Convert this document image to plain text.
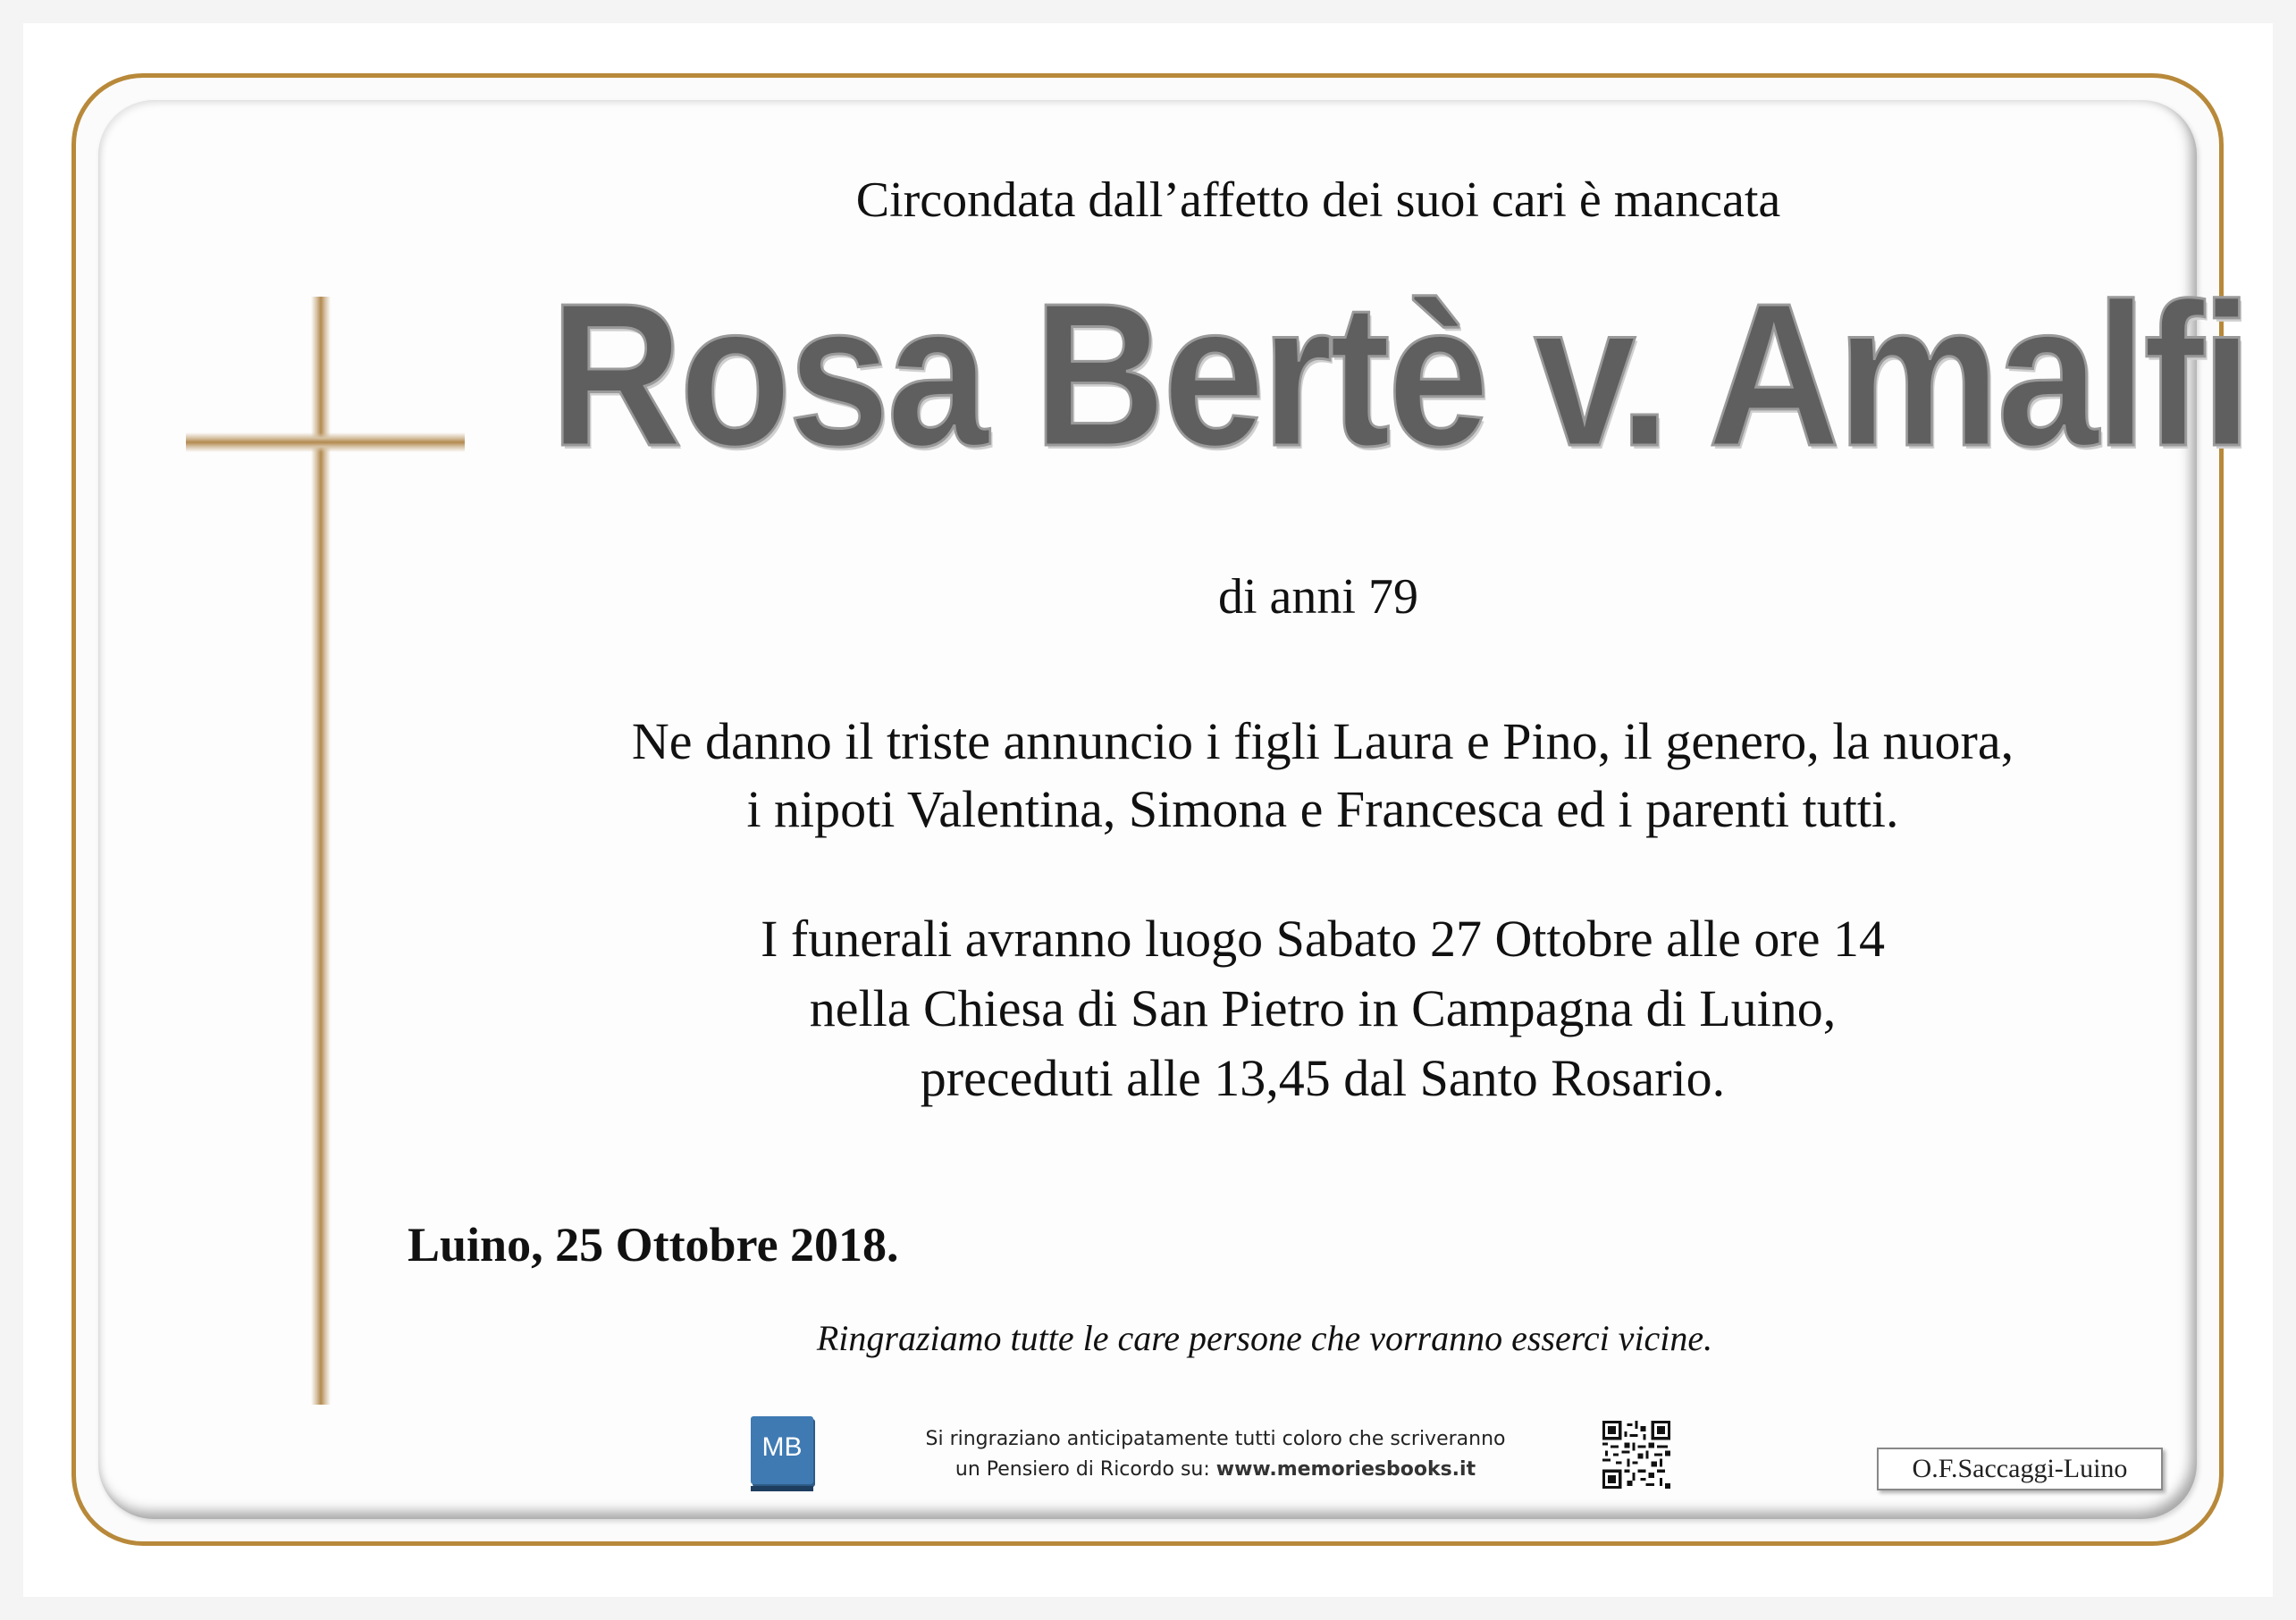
Circondata dall’affetto dei suoi cari è mancata
Rosa Bertè v. Amalfi
di anni 79
Ne danno il triste annuncio i figli Laura e Pino, il genero, la nuora,
i nipoti Valentina, Simona e Francesca ed i parenti tutti.
I funerali avranno luogo Sabato 27 Ottobre alle ore 14
nella Chiesa di San Pietro in Campagna di Luino,
preceduti alle 13,45 dal Santo Rosario.
Luino, 25 Ottobre 2018.
Ringraziamo tutte le care persone che vorranno esserci vicine.
MB	Si ringraziano anticipatamente tutti coloro che scriveranno
un Pensiero di Ricordo su: www.memoriesbooks.it	O.F.Saccaggi-Luino
